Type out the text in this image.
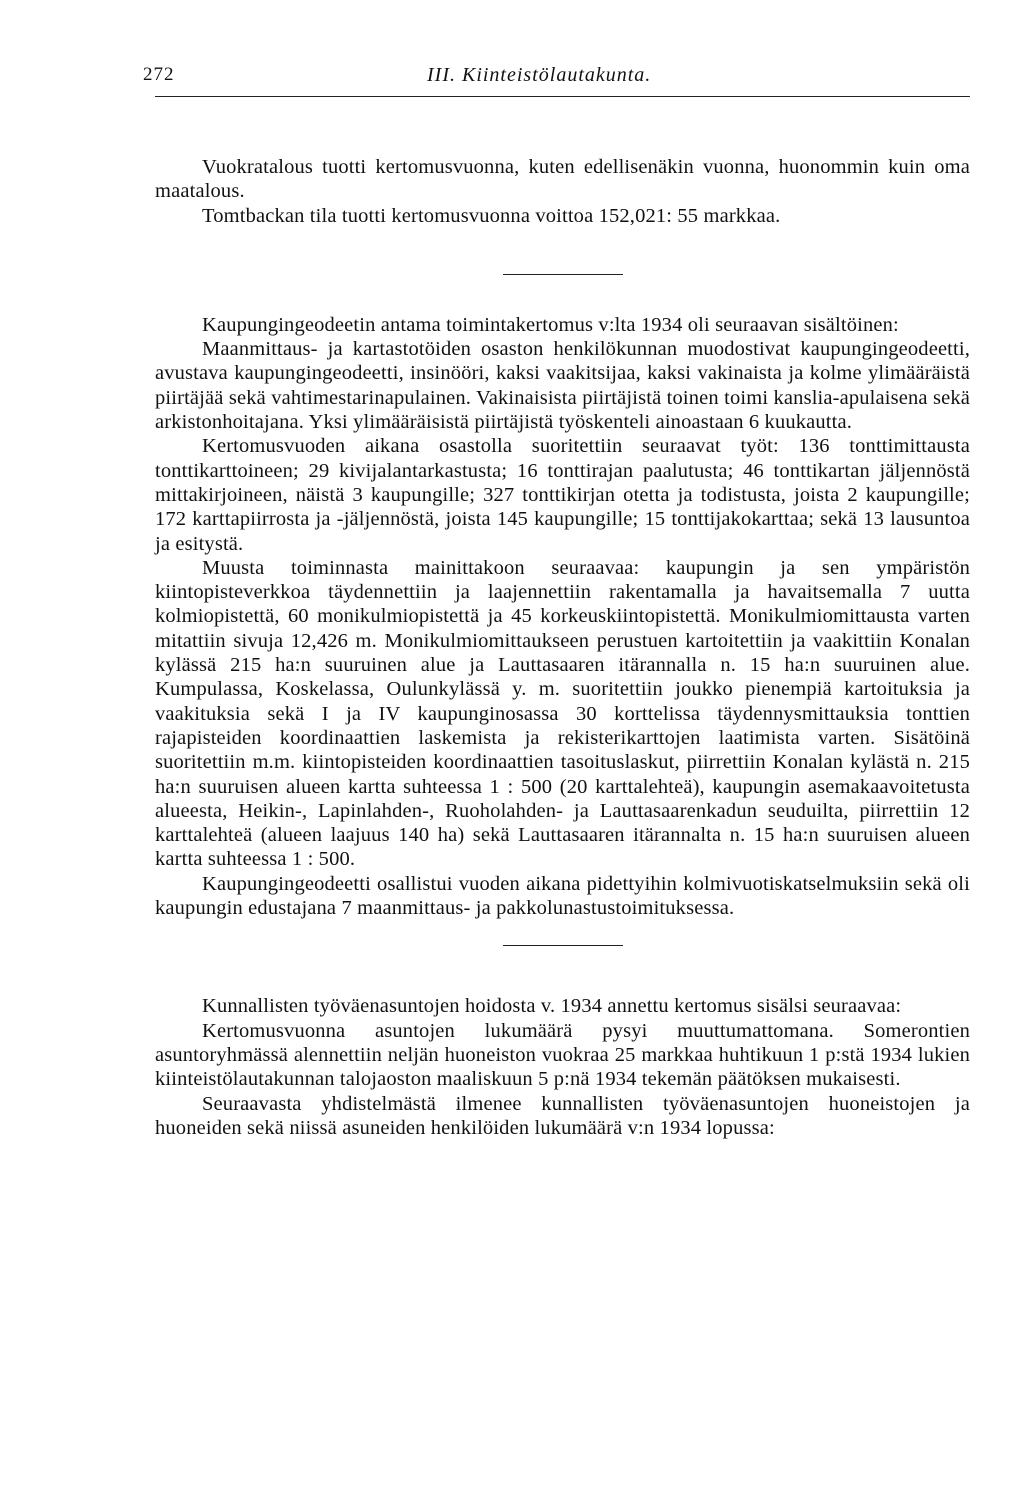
272	III. Kiinteistölautakunta.

Vuokratalous tuotti kertomusvuonna, kuten edellisenäkin vuonna, huonommin kuin oma maatalous.

Tomtbackan tila tuotti kertomusvuonna voittoa 152,021: 55 markkaa.

Kaupungingeodeetin antama toimintakertomus v:lta 1934 oli seuraavan sisältöinen:

Maanmittaus- ja kartastotöiden osaston henkilökunnan muodostivat kaupungingeodeetti, avustava kaupungingeodeetti, insinööri, kaksi vaakitsijaa, kaksi vakinaista ja kolme ylimääräistä piirtäjää sekä vahtimestarinapulainen. Vakinaisista piirtäjistä toinen toimi kanslia-apulaisena sekä arkistonhoitajana. Yksi ylimääräisistä piirtäjistä työskenteli ainoastaan 6 kuukautta.

Kertomusvuoden aikana osastolla suoritettiin seuraavat työt: 136 tonttimittausta tonttikarttoineen; 29 kivijalantarkastusta; 16 tonttirajan paalutusta; 46 tonttikartan jäljennöstä mittakirjoineen, näistä 3 kaupungille; 327 tonttikirjan otetta ja todistusta, joista 2 kaupungille; 172 karttapiirrosta ja -jäljennöstä, joista 145 kaupungille; 15 tonttijakokarttaa; sekä 13 lausuntoa ja esitystä.

Muusta toiminnasta mainittakoon seuraavaa: kaupungin ja sen ympäristön kiintopisteverkkoa täydennettiin ja laajennettiin rakentamalla ja havaitsemalla 7 uutta kolmiopistettä, 60 monikulmiopistettä ja 45 korkeuskiintopistettä. Monikulmiomittausta varten mitattiin sivuja 12,426 m. Monikulmiomittaukseen perustuen kartoitettiin ja vaakittiin Konalan kylässä 215 ha:n suuruinen alue ja Lauttasaaren itärannalla n. 15 ha:n suuruinen alue. Kumpulassa, Koskelassa, Oulunkylässä y. m. suoritettiin joukko pienempiä kartoituksia ja vaakituksia sekä I ja IV kaupunginosassa 30 korttelissa täydennysmittauksia tonttien rajapisteiden koordinaattien laskemista ja rekisterikarttojen laatimista varten. Sisätöinä suoritettiin m.m. kiintopisteiden koordinaattien tasoituslaskut, piirrettiin Konalan kylästä n. 215 ha:n suuruisen alueen kartta suhteessa 1 : 500 (20 karttalehteä), kaupungin asemakaavoitetusta alueesta, Heikin-, Lapinlahden-, Ruoholahden- ja Lauttasaarenkadun seuduilta, piirrettiin 12 karttalehteä (alueen laajuus 140 ha) sekä Lauttasaaren itärannalta n. 15 ha:n suuruisen alueen kartta suhteessa 1 : 500.

Kaupungingeodeetti osallistui vuoden aikana pidettyihin kolmivuotiskatselmuksiin sekä oli kaupungin edustajana 7 maanmittaus- ja pakkolunastustoimituksessa.

Kunnallisten työväenasuntojen hoidosta v. 1934 annettu kertomus sisälsi seuraavaa:

Kertomusvuonna asuntojen lukumäärä pysyi muuttumattomana. Somerontien asuntoryhmässä alennettiin neljän huoneiston vuokraa 25 markkaa huhtikuun 1 p:stä 1934 lukien kiinteistölautakunnan talojaoston maaliskuun 5 p:nä 1934 tekemän päätöksen mukaisesti.

Seuraavasta yhdistelmästä ilmenee kunnallisten työväenasuntojen huoneistojen ja huoneiden sekä niissä asuneiden henkilöiden lukumäärä v:n 1934 lopussa:
